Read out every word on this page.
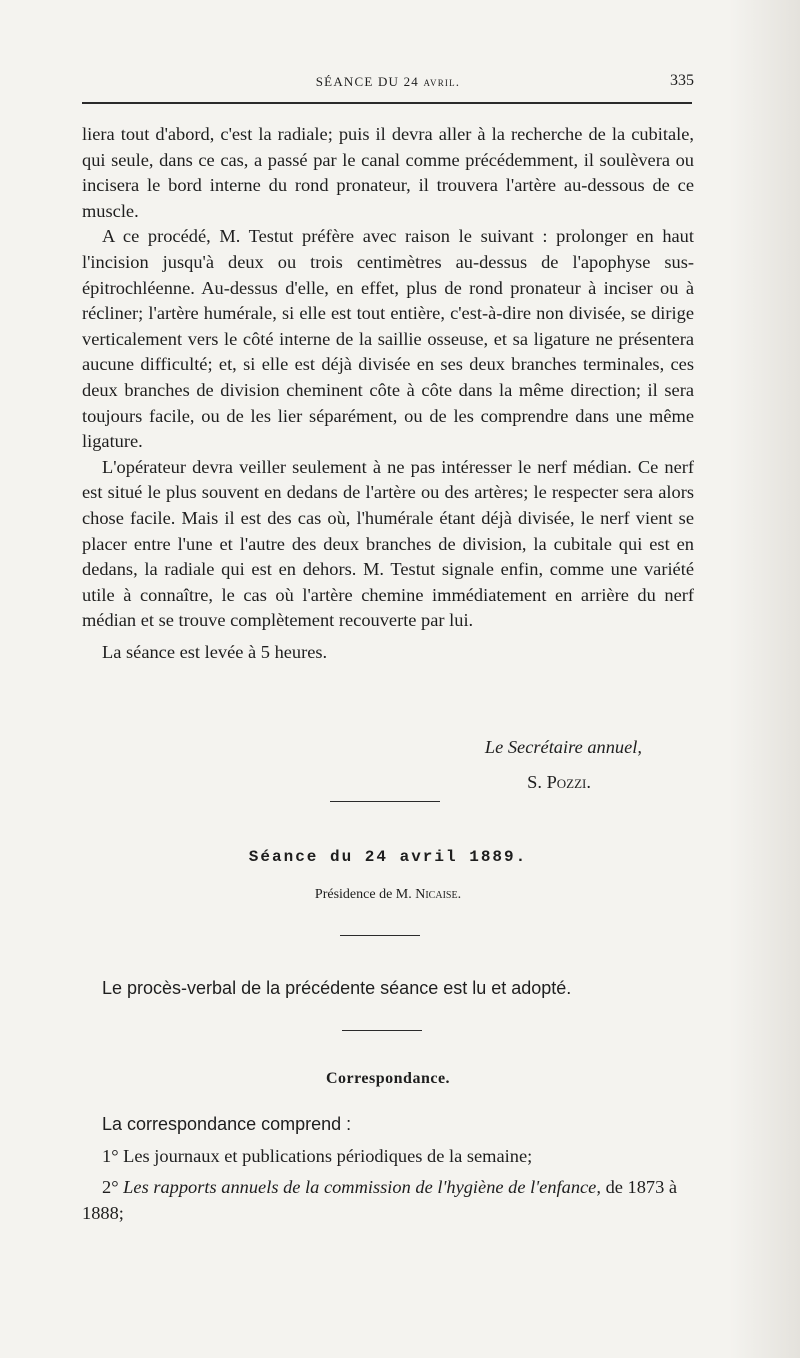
SÉANCE DU 24 avril.	335

liera tout d'abord, c'est la radiale; puis il devra aller à la recherche de la cubitale, qui seule, dans ce cas, a passé par le canal comme précédemment, il soulèvera ou incisera le bord interne du rond pronateur, il trouvera l'artère au-dessous de ce muscle.

A ce procédé, M. Testut préfère avec raison le suivant : prolonger en haut l'incision jusqu'à deux ou trois centimètres au-dessus de l'apophyse sus-épitrochléenne. Au-dessus d'elle, en effet, plus de rond pronateur à inciser ou à récliner; l'artère humérale, si elle est tout entière, c'est-à-dire non divisée, se dirige verticalement vers le côté interne de la saillie osseuse, et sa ligature ne présentera aucune difficulté; et, si elle est déjà divisée en ses deux branches terminales, ces deux branches de division cheminent côte à côte dans la même direction; il sera toujours facile, ou de les lier séparément, ou de les comprendre dans une même ligature.

L'opérateur devra veiller seulement à ne pas intéresser le nerf médian. Ce nerf est situé le plus souvent en dedans de l'artère ou des artères; le respecter sera alors chose facile. Mais il est des cas où, l'humérale étant déjà divisée, le nerf vient se placer entre l'une et l'autre des deux branches de division, la cubitale qui est en dedans, la radiale qui est en dehors. M. Testut signale enfin, comme une variété utile à connaître, le cas où l'artère chemine immédiatement en arrière du nerf médian et se trouve complètement recouverte par lui.

La séance est levée à 5 heures.

Le Secrétaire annuel,
S. Pozzi.
Séance du 24 avril 1889.
Présidence de M. Nicaise.
Le procès-verbal de la précédente séance est lu et adopté.
Correspondance.

La correspondance comprend :

1° Les journaux et publications périodiques de la semaine;

2° Les rapports annuels de la commission de l'hygiène de l'enfance, de 1873 à 1888;
